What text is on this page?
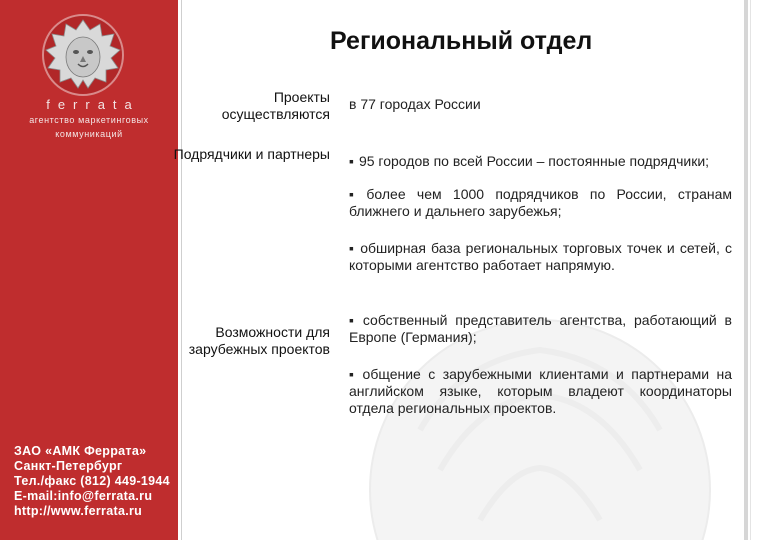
ferrata
агентство маркетинговых
коммуникаций
ЗАО «АМК Феррата»
Санкт-Петербург
Тел./факс (812) 449-1944
E-mail:info@ferrata.ru
http://www.ferrata.ru
Региональный отдел
Проекты осуществляются
в 77 городах России
Подрядчики и партнеры
▪	95 городов по всей России – постоянные подрядчики;
▪ более чем 1000 подрядчиков по России, странам ближнего и дальнего зарубежья;
▪ обширная база региональных торговых точек и сетей, с которыми агентство работает напрямую.
Возможности для зарубежных проектов
▪ собственный представитель агентства, работающий в Европе (Германия);
▪ общение с зарубежными клиентами и партнерами на английском языке, которым владеют координаторы отдела региональных проектов.
